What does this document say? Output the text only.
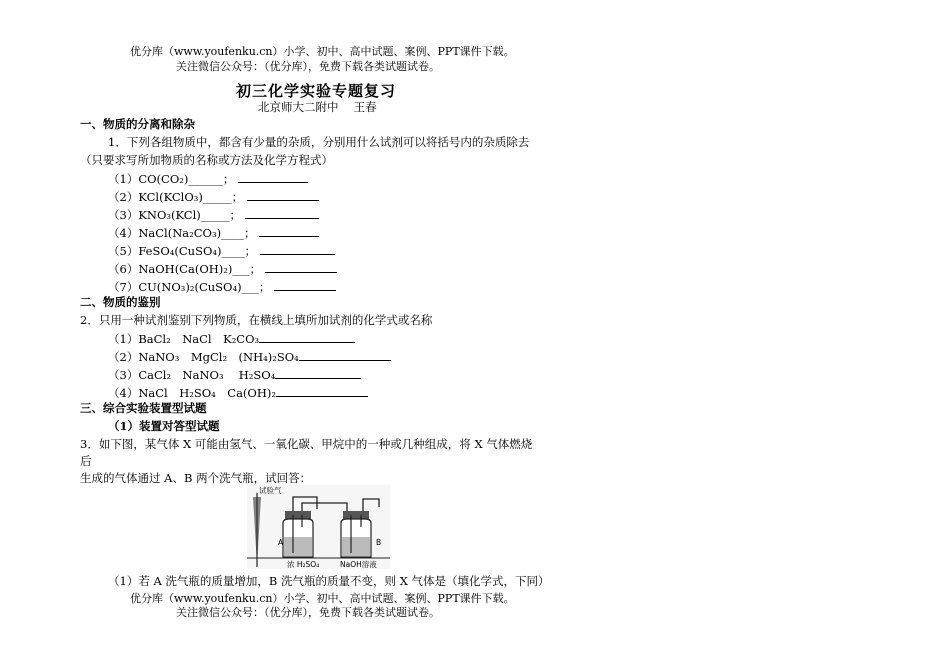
优分库（www.youfenku.cn）小学、初中、高中试题、案例、PPT课件下载。
关注微信公众号：（优分库），免费下载各类试题试卷。
初三化学实验专题复习
北京师大二附中　 王春
一、物质的分离和除杂
1．下列各组物质中，都含有少量的杂质，分别用什么试剂可以将括号内的杂质除去
（只要求写所加物质的名称或方法及化学方程式）
（1）CO(CO₂)______；
（2）KCl(KClO₃)_____；
（3）KNO₃(KCl)_____；
（4）NaCl(Na₂CO₃)____；
（5）FeSO₄(CuSO₄)____；
（6）NaOH(Ca(OH)₂)___；
（7）CU(NO₃)₂(CuSO₄)___；
二、物质的鉴别
2．只用一种试剂鉴别下列物质，在横线上填所加试剂的化学式或名称
（1）BaCl₂　NaCl　K₂CO₃
（2）NaNO₃　MgCl₂　(NH₄)₂SO₄
（3）CaCl₂　NaNO₃　 H₂SO₄
（4）NaCl　H₂SO₄　Ca(OH)₂
三、综合实验装置型试题
（1）装置对答型试题
3．如下图，某气体 X 可能由氢气、一氧化碳、甲烷中的一种或几种组成，将 X 气体燃烧
后
生成的气体通过 A、B 两个洗气瓶，试回答：
试验气
A	B
浓 H₂SO₄	NaOH溶液
（1）若 A 洗气瓶的质量增加，B 洗气瓶的质量不变，则 X 气体是（填化学式，下同）
优分库（www.youfenku.cn）小学、初中、高中试题、案例、PPT课件下载。
关注微信公众号：（优分库），免费下载各类试题试卷。
